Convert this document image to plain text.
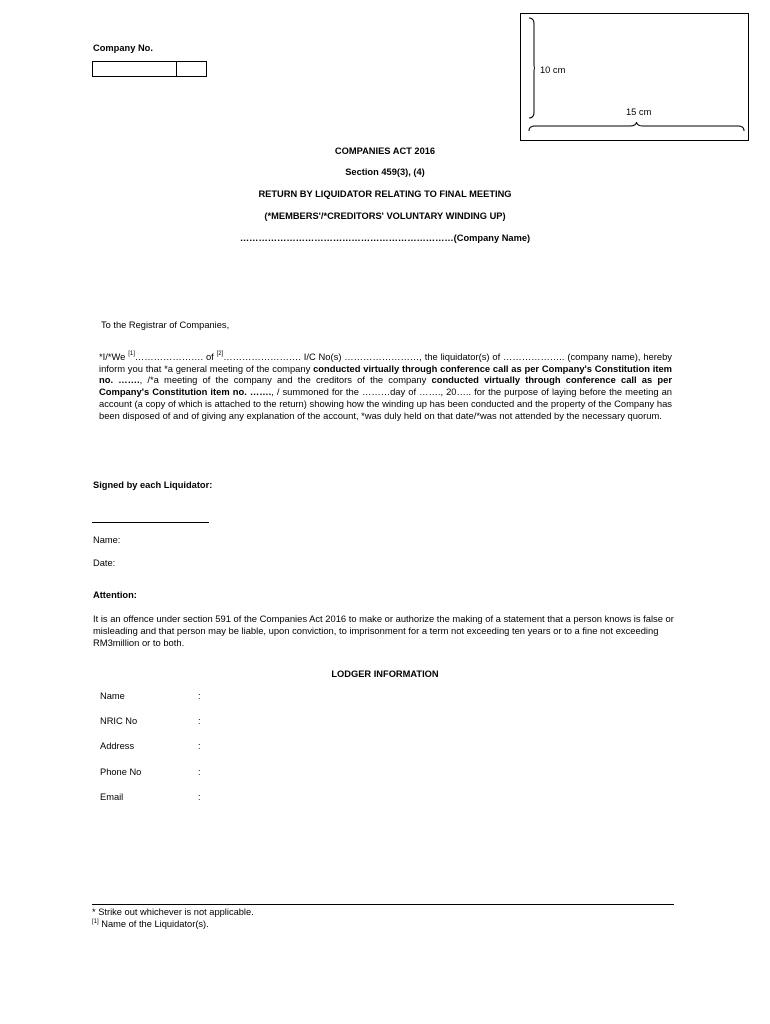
10 cm
15 cm
Company No.
COMPANIES ACT 2016
Section 459(3), (4)
RETURN BY LIQUIDATOR RELATING TO FINAL MEETING
(*MEMBERS'/*CREDITORS' VOLUNTARY WINDING UP)
……………………………………………………………(Company Name)
To the Registrar of Companies,
*I/*We [1]…………………. of [2]……………………. I/C No(s) ……………………, the liquidator(s) of ……………….. (company name), hereby inform you that *a general meeting of the company conducted virtually through conference call as per Company's Constitution item no. ……., /*a meeting of the company and the creditors of the company conducted virtually through conference call as per Company's Constitution item no. ……., / summoned for the ………day of ……., 20….. for the purpose of laying before the meeting an account (a copy of which is attached to the return) showing how the winding up has been conducted and the property of the Company has been disposed of and of giving any explanation of the account, *was duly held on that date/*was not attended by the necessary quorum.
Signed by each Liquidator:
Name:
Date:
Attention:
It is an offence under section 591 of the Companies Act 2016 to make or authorize the making of a statement that a person knows is false or misleading and that person may be liable, upon conviction, to imprisonment for a term not exceeding ten years or to a fine not exceeding RM3million or to both.
LODGER INFORMATION
Name	:
NRIC No	:
Address	:
Phone No	:
Email	:
* Strike out whichever is not applicable.
[1] Name of the Liquidator(s).
